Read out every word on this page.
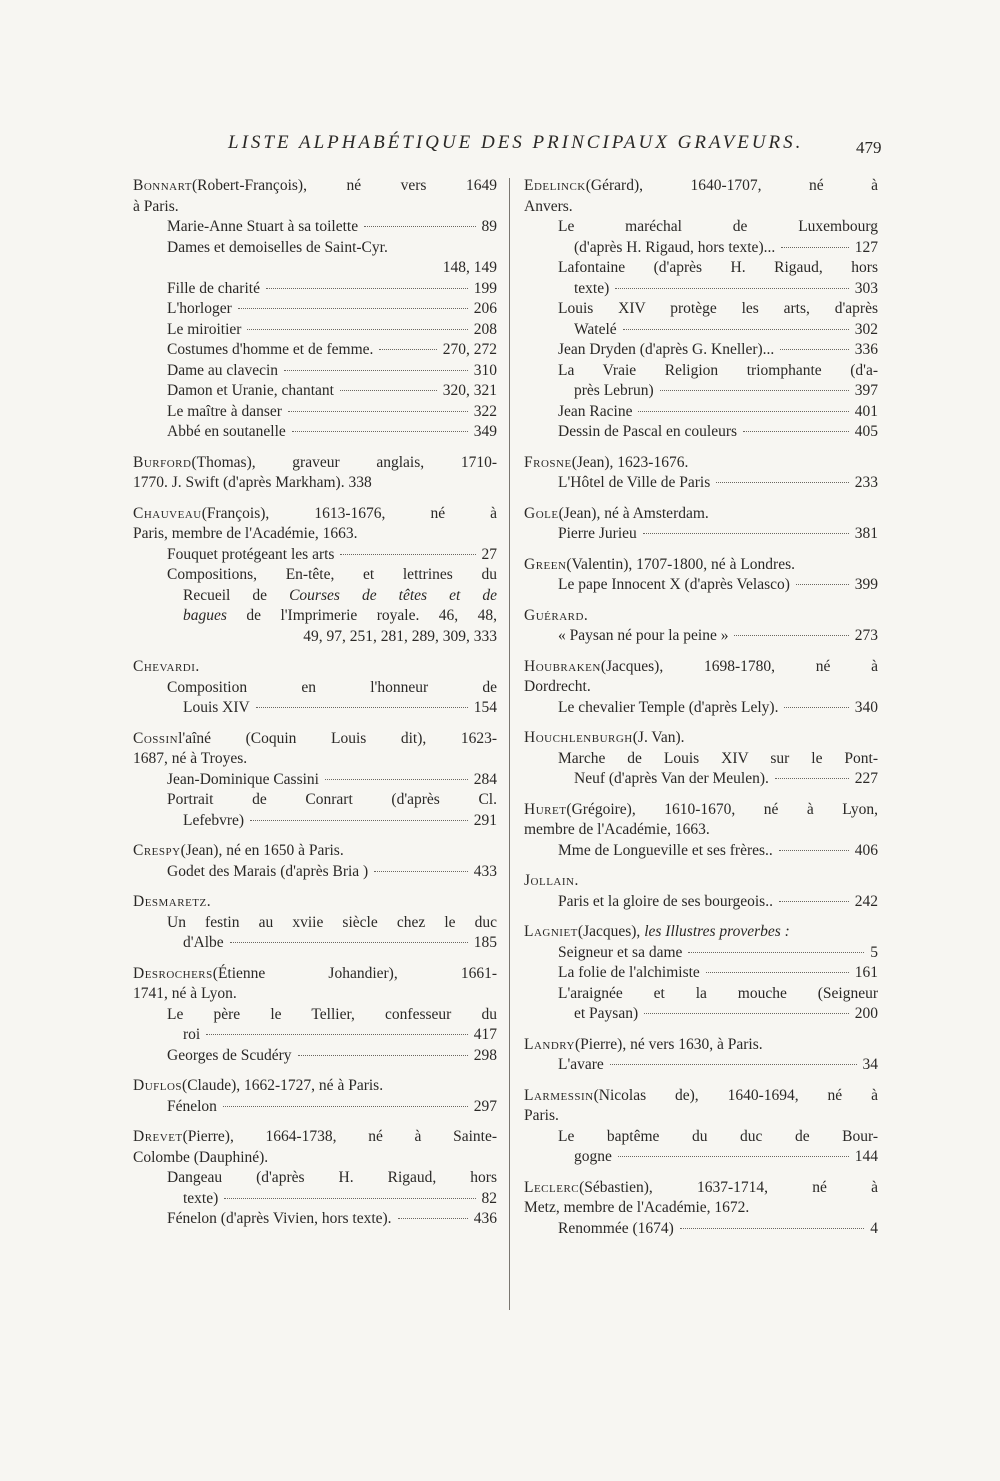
LISTE ALPHABÉTIQUE DES PRINCIPAUX GRAVEURS.	479
Bonnart(Robert-François), né vers 1649
à Paris.
Marie-Anne Stuart à sa toilette	89
Dames et demoiselles de Saint-Cyr.
148, 149
Fille de charité	199
L'horloger	206
Le miroitier	208
Costumes d'homme et de femme.	270, 272
Dame au clavecin	310
Damon et Uranie, chantant	320, 321
Le maître à danser	322
Abbé en soutanelle	349
Burford(Thomas), graveur anglais, 1710-
1770. J. Swift (d'après Markham). 338
Chauveau(François), 1613-1676, né à
Paris, membre de l'Académie, 1663.
Fouquet protégeant les arts	27
Compositions, En-tête, et lettrines du
Recueil de Courses de têtes et de
bagues de l'Imprimerie royale. 46, 48,
49, 97, 251, 281, 289, 309, 333
Chevardi.
Composition en l'honneur de
Louis XIV	154
Cossinl'aîné (Coquin Louis dit), 1623-
1687, né à Troyes.
Jean-Dominique Cassini	284
Portrait de Conrart (d'après Cl.
Lefebvre)	291
Crespy(Jean), né en 1650 à Paris.
Godet des Marais (d'après Bria )	433
Desmaretz.
Un festin au xviie siècle chez le duc
d'Albe	185
Desrochers(Étienne Johandier), 1661-
1741, né à Lyon.
Le père le Tellier, confesseur du
roi	417
Georges de Scudéry	298
Duflos(Claude), 1662-1727, né à Paris.
Fénelon	297
Drevet(Pierre), 1664-1738, né à Sainte-
Colombe (Dauphiné).
Dangeau (d'après H. Rigaud, hors
texte)	82
Fénelon (d'après Vivien, hors texte).	436
Edelinck(Gérard), 1640-1707, né à
Anvers.
Le maréchal de Luxembourg
(d'après H. Rigaud, hors texte)...	127
Lafontaine (d'après H. Rigaud, hors
texte)	303
Louis XIV protège les arts, d'après
Watelé	302
Jean Dryden (d'après G. Kneller)...	336
La Vraie Religion triomphante (d'a-
près Lebrun)	397
Jean Racine	401
Dessin de Pascal en couleurs	405
Frosne(Jean), 1623-1676.
L'Hôtel de Ville de Paris	233
Gole(Jean), né à Amsterdam.
Pierre Jurieu	381
Green(Valentin), 1707-1800, né à Londres.
Le pape Innocent X (d'après Velasco)	399
Guérard.
« Paysan né pour la peine »	273
Houbraken(Jacques), 1698-1780, né à
Dordrecht.
Le chevalier Temple (d'après Lely).	340
Houchlenburgh(J. Van).
Marche de Louis XIV sur le Pont-
Neuf (d'après Van der Meulen).	227
Huret(Grégoire), 1610-1670, né à Lyon,
membre de l'Académie, 1663.
Mme de Longueville et ses frères..	406
Jollain.
Paris et la gloire de ses bourgeois..	242
Lagniet(Jacques), les Illustres proverbes :
Seigneur et sa dame	5
La folie de l'alchimiste	161
L'araignée et la mouche (Seigneur
et Paysan)	200
Landry(Pierre), né vers 1630, à Paris.
L'avare	34
Larmessin(Nicolas de), 1640-1694, né à
Paris.
Le baptême du duc de Bour-
gogne	144
Leclerc(Sébastien), 1637-1714, né à
Metz, membre de l'Académie, 1672.
Renommée (1674)	4
